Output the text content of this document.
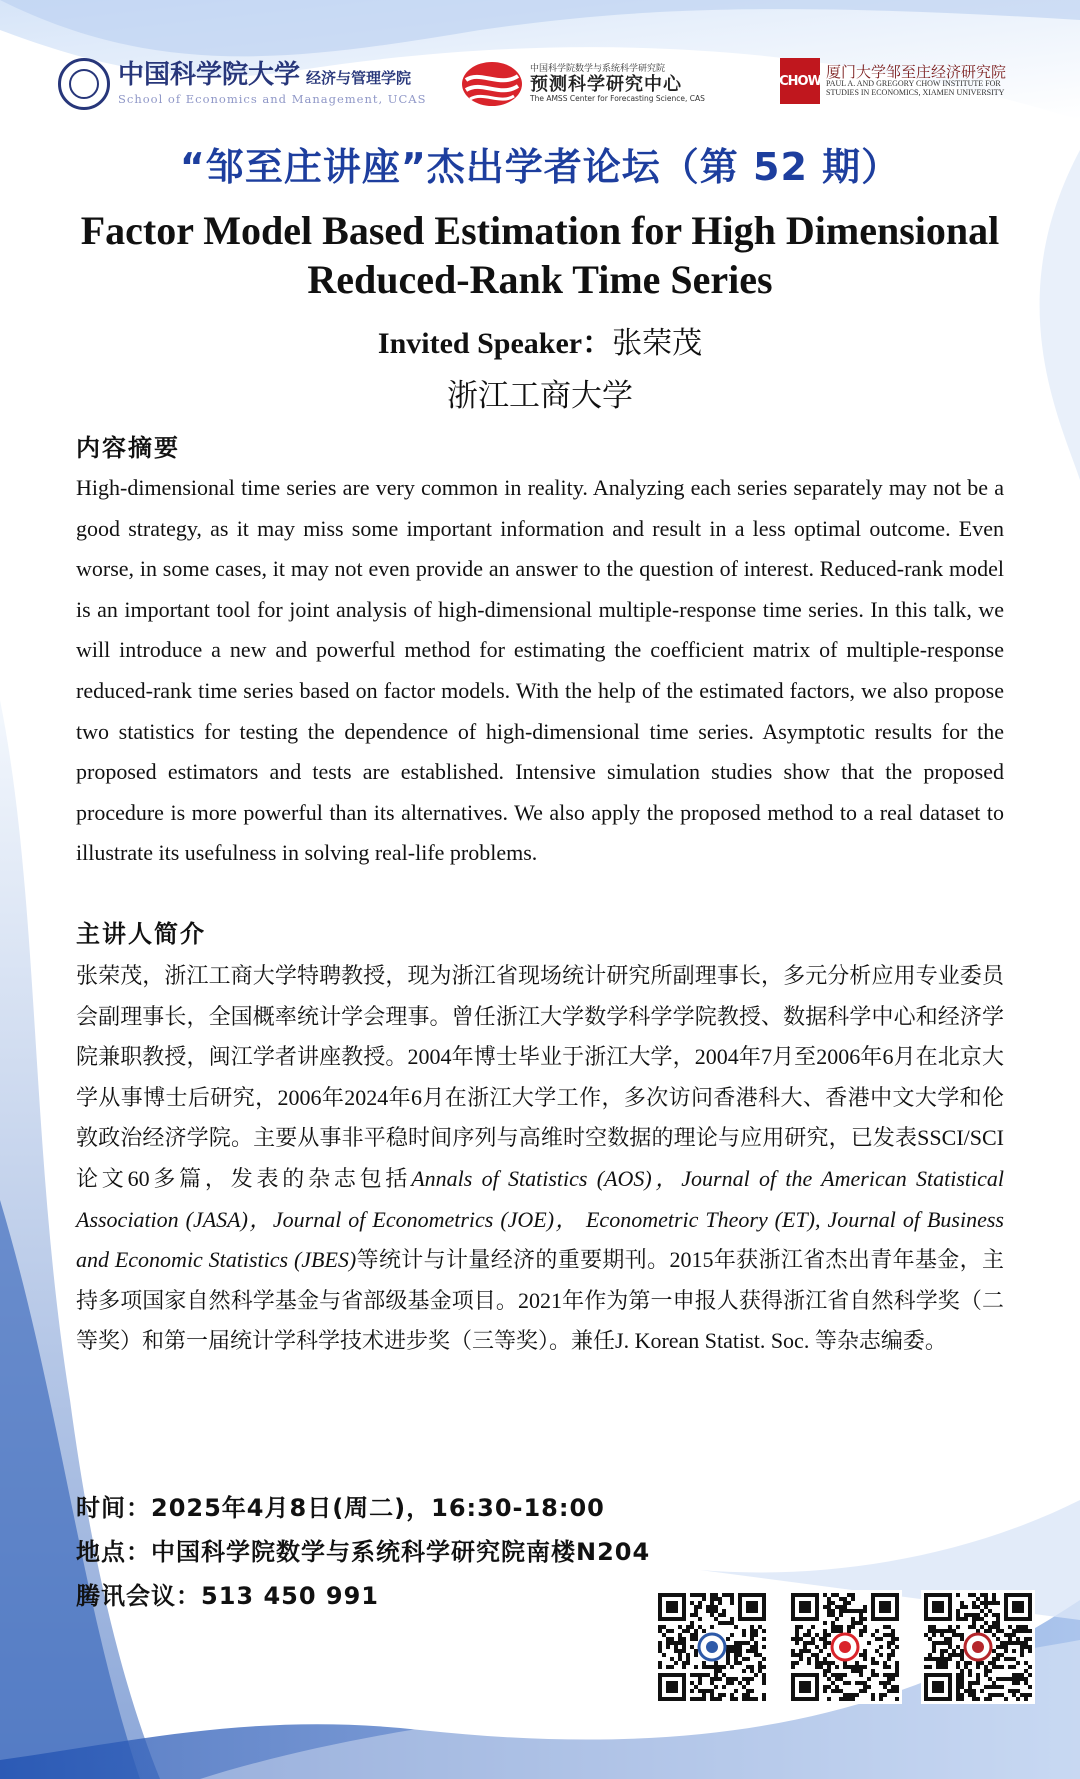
中国科学院大学 经济与管理学院
School of Economics and Management, UCAS
中国科学院数学与系统科学研究院
预测科学研究中心
The AMSS Center for Forecasting Science, CAS
CHOW
厦门大学邹至庄经济研究院
PAUL A. AND GREGORY CHOW INSTITUTE FOR
STUDIES IN ECONOMICS, XIAMEN UNIVERSITY
“邹至庄讲座”杰出学者论坛（第 52 期）
Factor Model Based Estimation for High Dimensional
Reduced-Rank Time Series
Invited Speaker：张荣茂
浙江工商大学
内容摘要

High-dimensional time series are very common in reality. Analyzing each series separately may not be a good strategy, as it may miss some important information and result in a less optimal outcome. Even worse, in some cases, it may not even provide an answer to the question of interest. Reduced-rank model is an important tool for joint analysis of high-dimensional multiple-response time series. In this talk, we will introduce a new and powerful method for estimating the coefficient matrix of multiple-response reduced-rank time series based on factor models. With the help of the estimated factors, we also propose two statistics for testing the dependence of high-dimensional time series. Asymptotic results for the proposed estimators and tests are established. Intensive simulation studies show that the proposed procedure is more powerful than its alternatives. We also apply the proposed method to a real dataset to illustrate its usefulness in solving real-life problems.

主讲人简介

张荣茂，浙江工商大学特聘教授，现为浙江省现场统计研究所副理事长，多元分析应用专业委员会副理事长，全国概率统计学会理事。曾任浙江大学数学科学学院教授、数据科学中心和经济学院兼职教授，闽江学者讲座教授。2004年博士毕业于浙江大学，2004年7月至2006年6月在北京大学从事博士后研究，2006年2024年6月在浙江大学工作，多次访问香港科大、香港中文大学和伦敦政治经济学院。主要从事非平稳时间序列与高维时空数据的理论与应用研究，已发表SSCI/SCI论文60多篇，发表的杂志包括Annals of Statistics (AOS)，Journal of the American Statistical Association (JASA)，Journal of Econometrics (JOE)， Econometric Theory (ET), Journal of Business and Economic Statistics (JBES)等统计与计量经济的重要期刊。2015年获浙江省杰出青年基金，主持多项国家自然科学基金与省部级基金项目。2021年作为第一申报人获得浙江省自然科学奖（二等奖）和第一届统计学科学技术进步奖（三等奖）。兼任J. Korean Statist. Soc. 等杂志编委。

时间：2025年4月8日(周二)，16:30-18:00
地点：中国科学院数学与系统科学研究院南楼N204
腾讯会议：513 450 991
